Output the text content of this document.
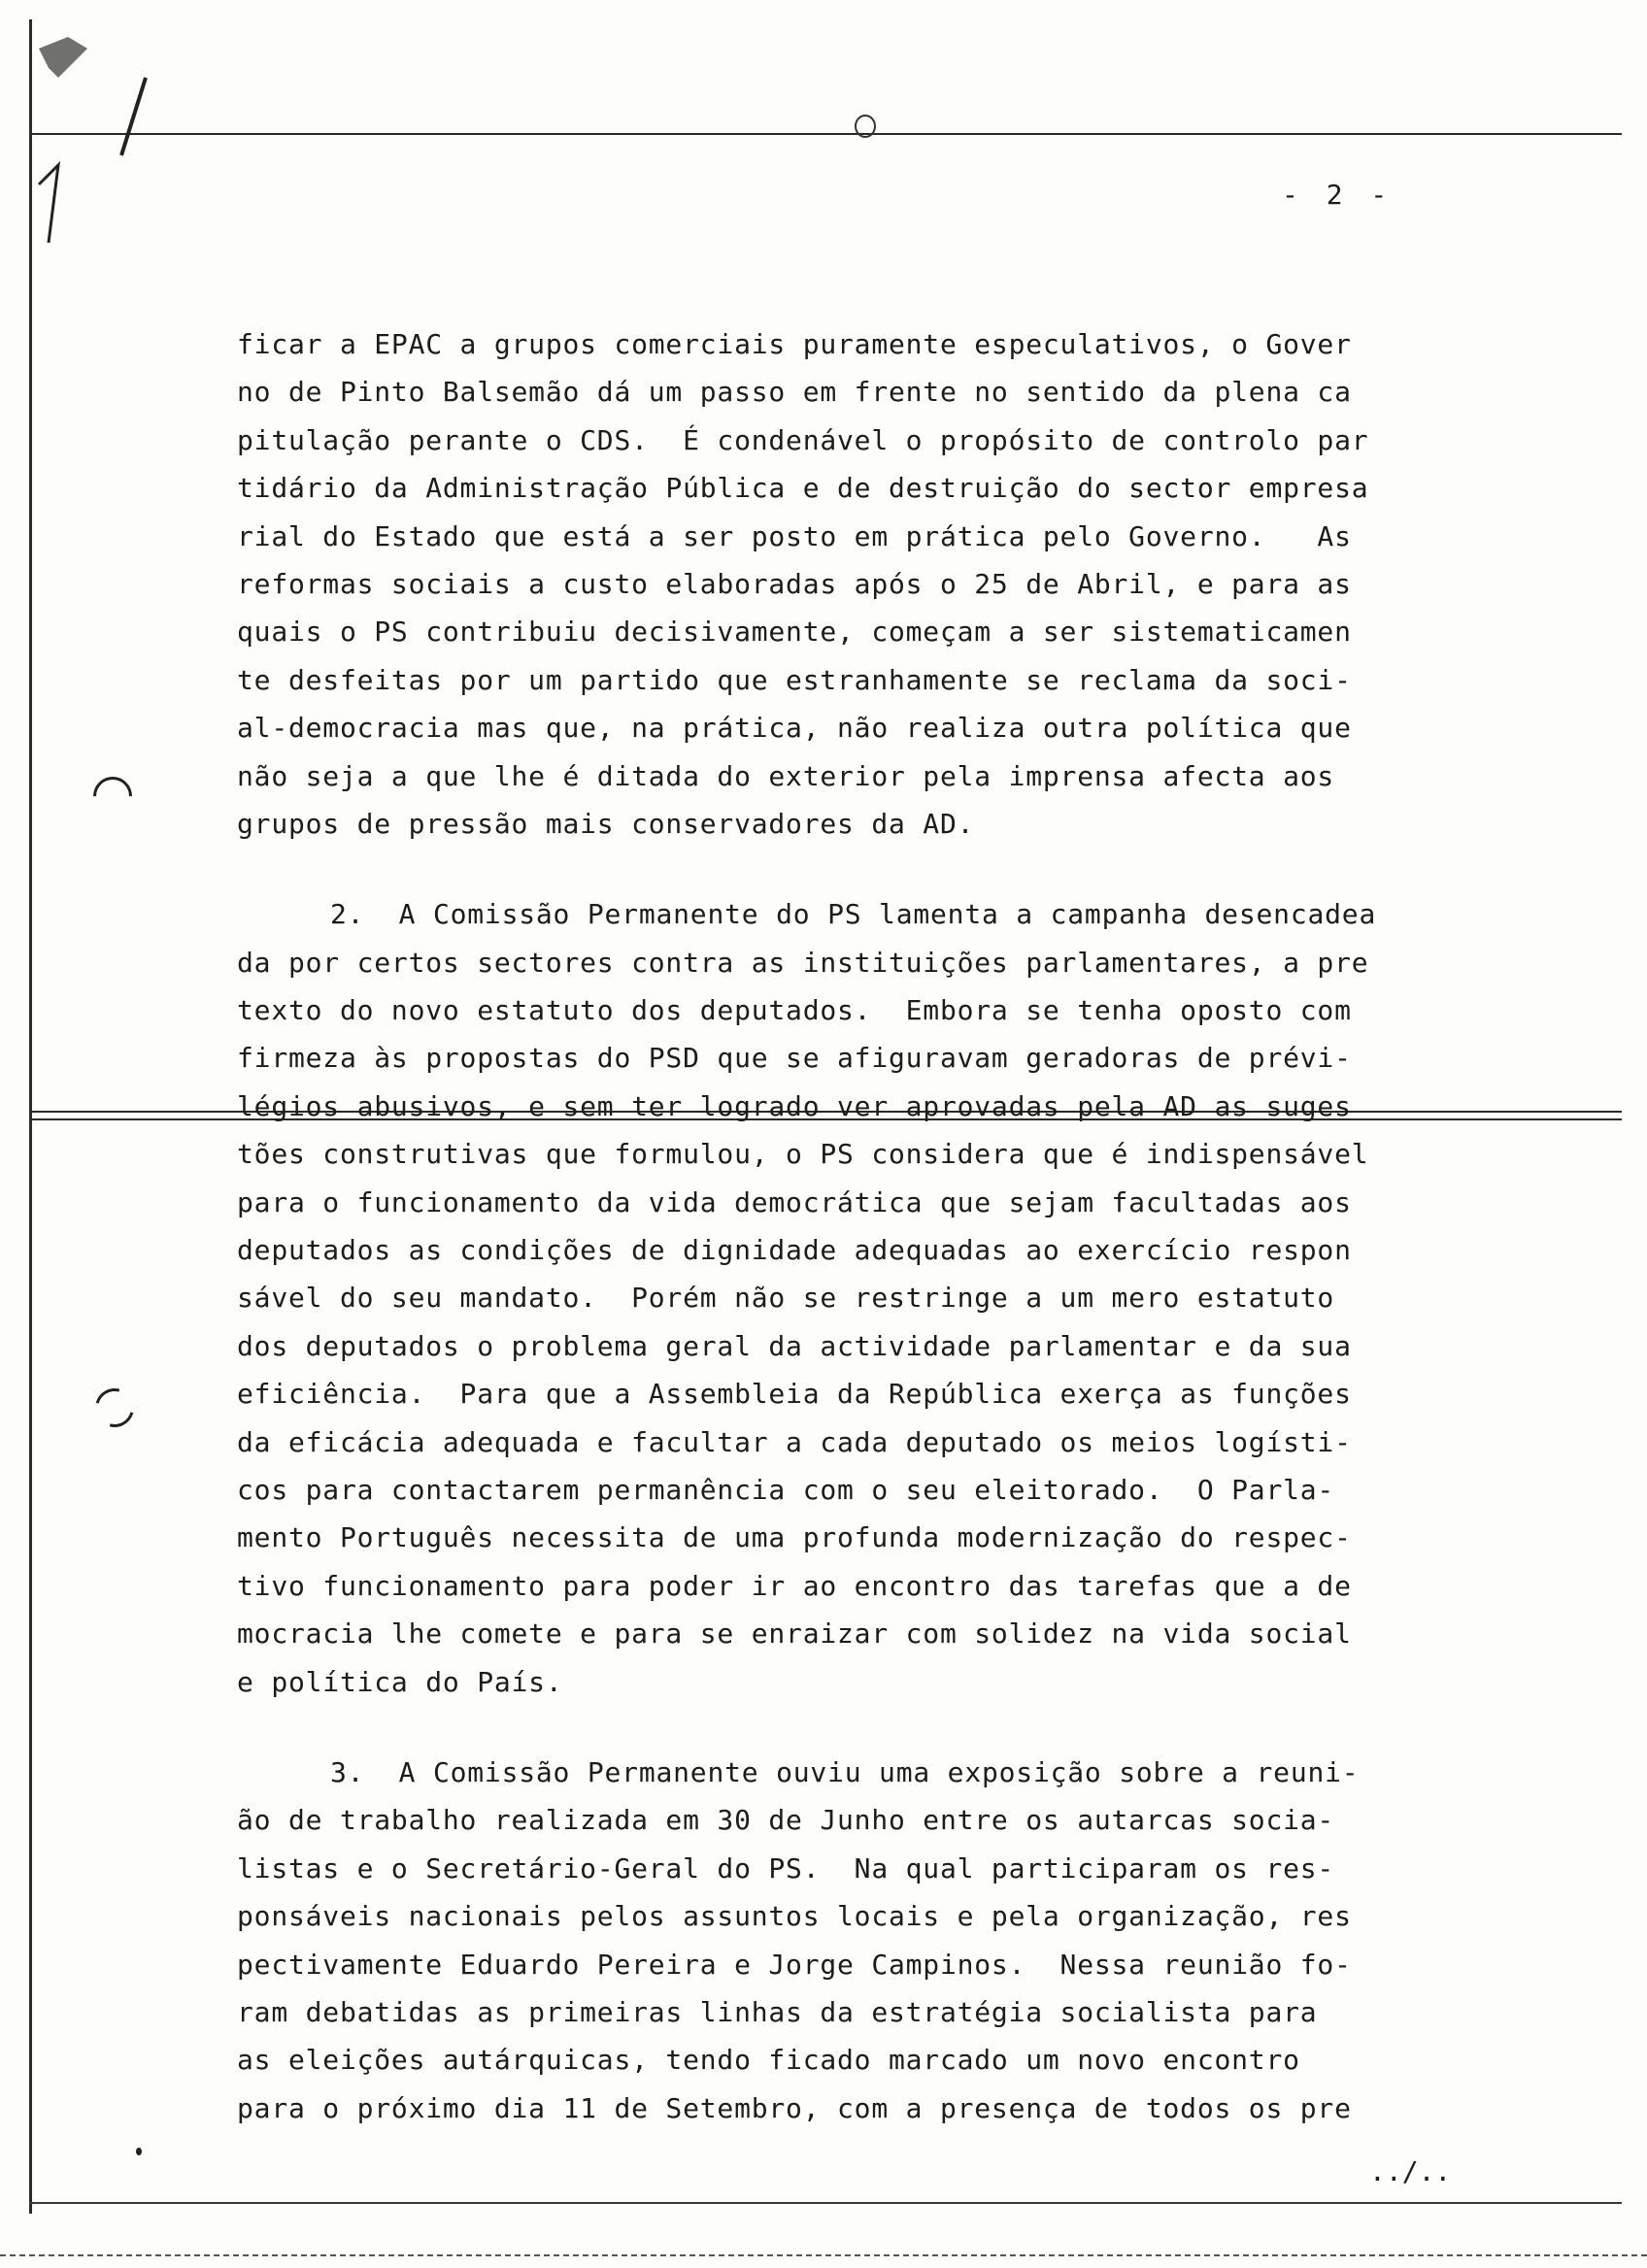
- 2 -
ficar a EPAC a grupos comerciais puramente especulativos, o Gover
no de Pinto Balsemão dá um passo em frente no sentido da plena ca
pitulação perante o CDS.  É condenável o propósito de controlo par
tidário da Administração Pública e de destruição do sector empresa
rial do Estado que está a ser posto em prática pelo Governo.   As
reformas sociais a custo elaboradas após o 25 de Abril, e para as
quais o PS contribuiu decisivamente, começam a ser sistematicamen
te desfeitas por um partido que estranhamente se reclama da soci-
al-democracia mas que, na prática, não realiza outra política que
não seja a que lhe é ditada do exterior pela imprensa afecta aos
grupos de pressão mais conservadores da AD.
2.  A Comissão Permanente do PS lamenta a campanha desencadea
da por certos sectores contra as instituições parlamentares, a pre
texto do novo estatuto dos deputados.  Embora se tenha oposto com
firmeza às propostas do PSD que se afiguravam geradoras de prévi-
légios abusivos, e sem ter logrado ver aprovadas pela AD as suges
tões construtivas que formulou, o PS considera que é indispensável
para o funcionamento da vida democrática que sejam facultadas aos
deputados as condições de dignidade adequadas ao exercício respon
sável do seu mandato.  Porém não se restringe a um mero estatuto
dos deputados o problema geral da actividade parlamentar e da sua
eficiência.  Para que a Assembleia da República exerça as funções
da eficácia adequada e facultar a cada deputado os meios logísti-
cos para contactarem permanência com o seu eleitorado.  O Parla-
mento Português necessita de uma profunda modernização do respec-
tivo funcionamento para poder ir ao encontro das tarefas que a de
mocracia lhe comete e para se enraizar com solidez na vida social
e política do País.
3.  A Comissão Permanente ouviu uma exposição sobre a reuni-
ão de trabalho realizada em 30 de Junho entre os autarcas socia-
listas e o Secretário-Geral do PS.  Na qual participaram os res-
ponsáveis nacionais pelos assuntos locais e pela organização, res
pectivamente Eduardo Pereira e Jorge Campinos.  Nessa reunião fo-
ram debatidas as primeiras linhas da estratégia socialista para
as eleições autárquicas, tendo ficado marcado um novo encontro
para o próximo dia 11 de Setembro, com a presença de todos os pre
../..
